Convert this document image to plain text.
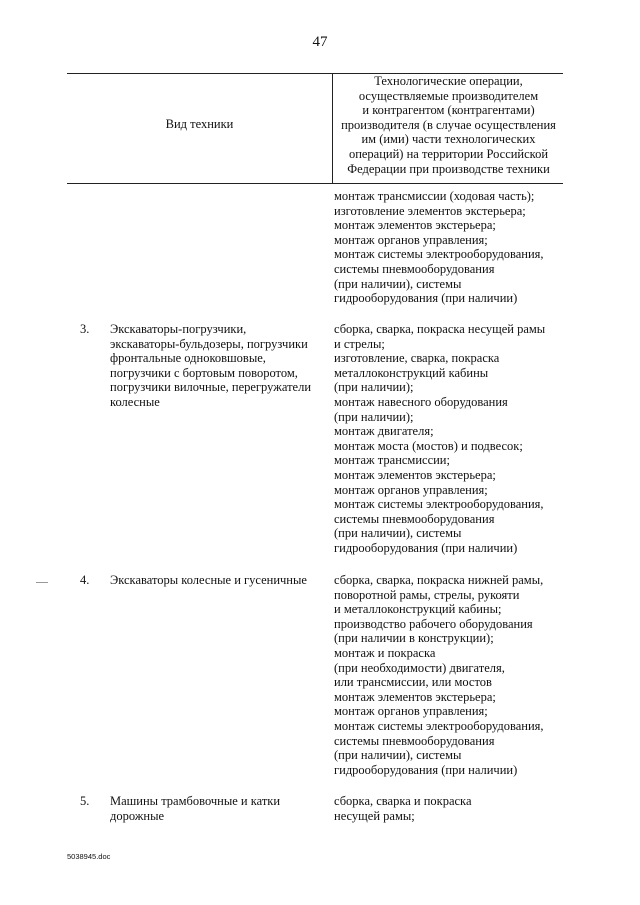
47
Вид техники
Технологические операции,
осуществляемые производителем
и контрагентом (контрагентами)
производителя (в случае осуществления
им (ими) части технологических
операций) на территории Российской
Федерации при производстве техники
монтаж трансмиссии (ходовая часть);
изготовление элементов экстерьера;
монтаж элементов экстерьера;
монтаж органов управления;
монтаж системы электрооборудования,
системы пневмооборудования
(при наличии), системы
гидрооборудования (при наличии)
3. Экскаваторы-погрузчики,
экскаваторы-бульдозеры, погрузчики
фронтальные одноковшовые,
погрузчики с бортовым поворотом,
погрузчики вилочные, перегружатели
колесные
сборка, сварка, покраска несущей рамы
и стрелы;
изготовление, сварка, покраска
металлоконструкций кабины
(при наличии);
монтаж навесного оборудования
(при наличии);
монтаж двигателя;
монтаж моста (мостов) и подвесок;
монтаж трансмиссии;
монтаж элементов экстерьера;
монтаж органов управления;
монтаж системы электрооборудования,
системы пневмооборудования
(при наличии), системы
гидрооборудования (при наличии)
4. Экскаваторы колесные и гусеничные	сборка, сварка, покраска нижней рамы,
поворотной рамы, стрелы, рукояти
и металлоконструкций кабины;
производство рабочего оборудования
(при наличии в конструкции);
монтаж и покраска
(при необходимости) двигателя,
или трансмиссии, или мостов
монтаж элементов экстерьера;
монтаж органов управления;
монтаж системы электрооборудования,
системы пневмооборудования
(при наличии), системы
гидрооборудования (при наличии)
5. Машины трамбовочные и катки
дорожные
сборка, сварка и покраска
несущей рамы;
5038945.doc
